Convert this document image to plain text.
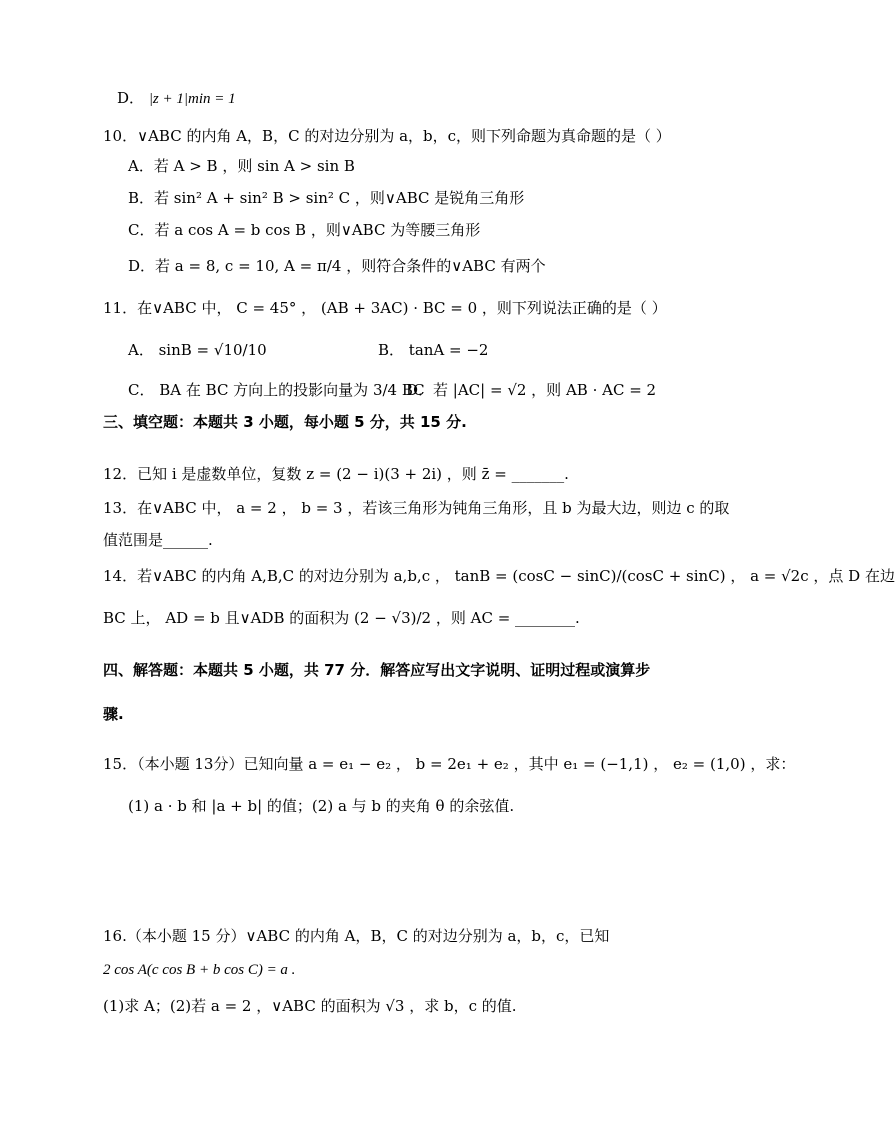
D． |z + 1|min = 1
10．∨ABC 的内角 A，B，C 的对边分别为 a，b，c，则下列命题为真命题的是（ ）
A．若 A > B ，则 sin A > sin B
B．若 sin² A + sin² B > sin² C ，则∨ABC 是锐角三角形
C．若 a cos A = b cos B ，则∨ABC 为等腰三角形
D．若 a = 8, c = 10, A = π/4 ，则符合条件的∨ABC 有两个
11．在∨ABC 中， C = 45° ， (AB + 3AC) · BC = 0 ，则下列说法正确的是（ ）
A． sinB = √10/10	B． tanA = −2
C． BA 在 BC 方向上的投影向量为 3/4 BC
D．若 |AC| = √2 ，则 AB · AC = 2
三、填空题：本题共 3 小题，每小题 5 分，共 15 分.
12．已知 i 是虚数单位，复数 z = (2 − i)(3 + 2i) ，则 z̄ = _______.
13．在∨ABC 中， a = 2 ， b = 3 ，若该三角形为钝角三角形，且 b 为最大边，则边 c 的取
值范围是______.
14．若∨ABC 的内角 A,B,C 的对边分别为 a,b,c ， tanB = (cosC − sinC)/(cosC + sinC) ， a = √2c ，点 D 在边
BC 上， AD = b 且∨ADB 的面积为 (2 − √3)/2 ，则 AC = ________.
四、解答题：本题共 5 小题，共 77 分．解答应写出文字说明、证明过程或演算步
骤.
15．（本小题 13分）已知向量 a = e₁ − e₂ ， b = 2e₁ + e₂ ，其中 e₁ = (−1,1) ， e₂ = (1,0) ，求：
(1) a · b 和 |a + b| 的值；(2) a 与 b 的夹角 θ 的余弦值.
16.（本小题 15 分）∨ABC 的内角 A，B，C 的对边分别为 a，b，c，已知
2 cos A(c cos B + b cos C) = a .
(1)求 A；(2)若 a = 2 ，∨ABC 的面积为 √3 ，求 b，c 的值.
